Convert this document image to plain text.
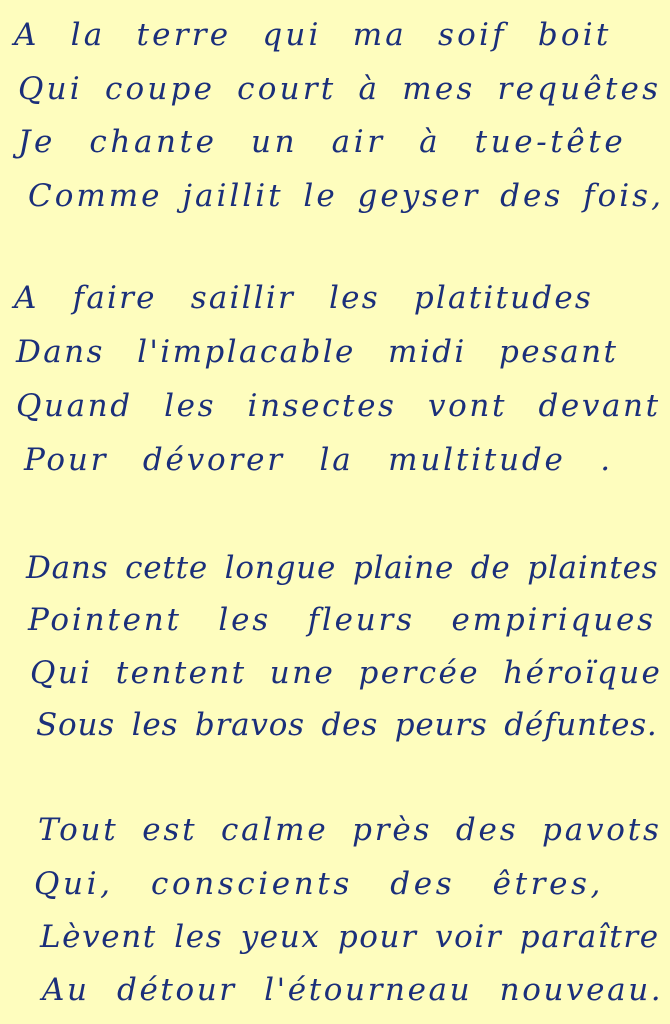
A la terre qui ma soif boit
Qui coupe court à mes requêtes
Je chante un air à tue-tête
Comme jaillit le geyser des fois,
A faire saillir les platitudes
Dans l'implacable midi pesant
Quand les insectes vont devant
Pour dévorer la multitude .
Dans cette longue plaine de plaintes
Pointent les fleurs empiriques
Qui tentent une percée héroïque
Sous les bravos des peurs défuntes.
Tout est calme près des pavots
Qui, conscients des êtres,
Lèvent les yeux pour voir paraître
Au détour l'étourneau nouveau.
